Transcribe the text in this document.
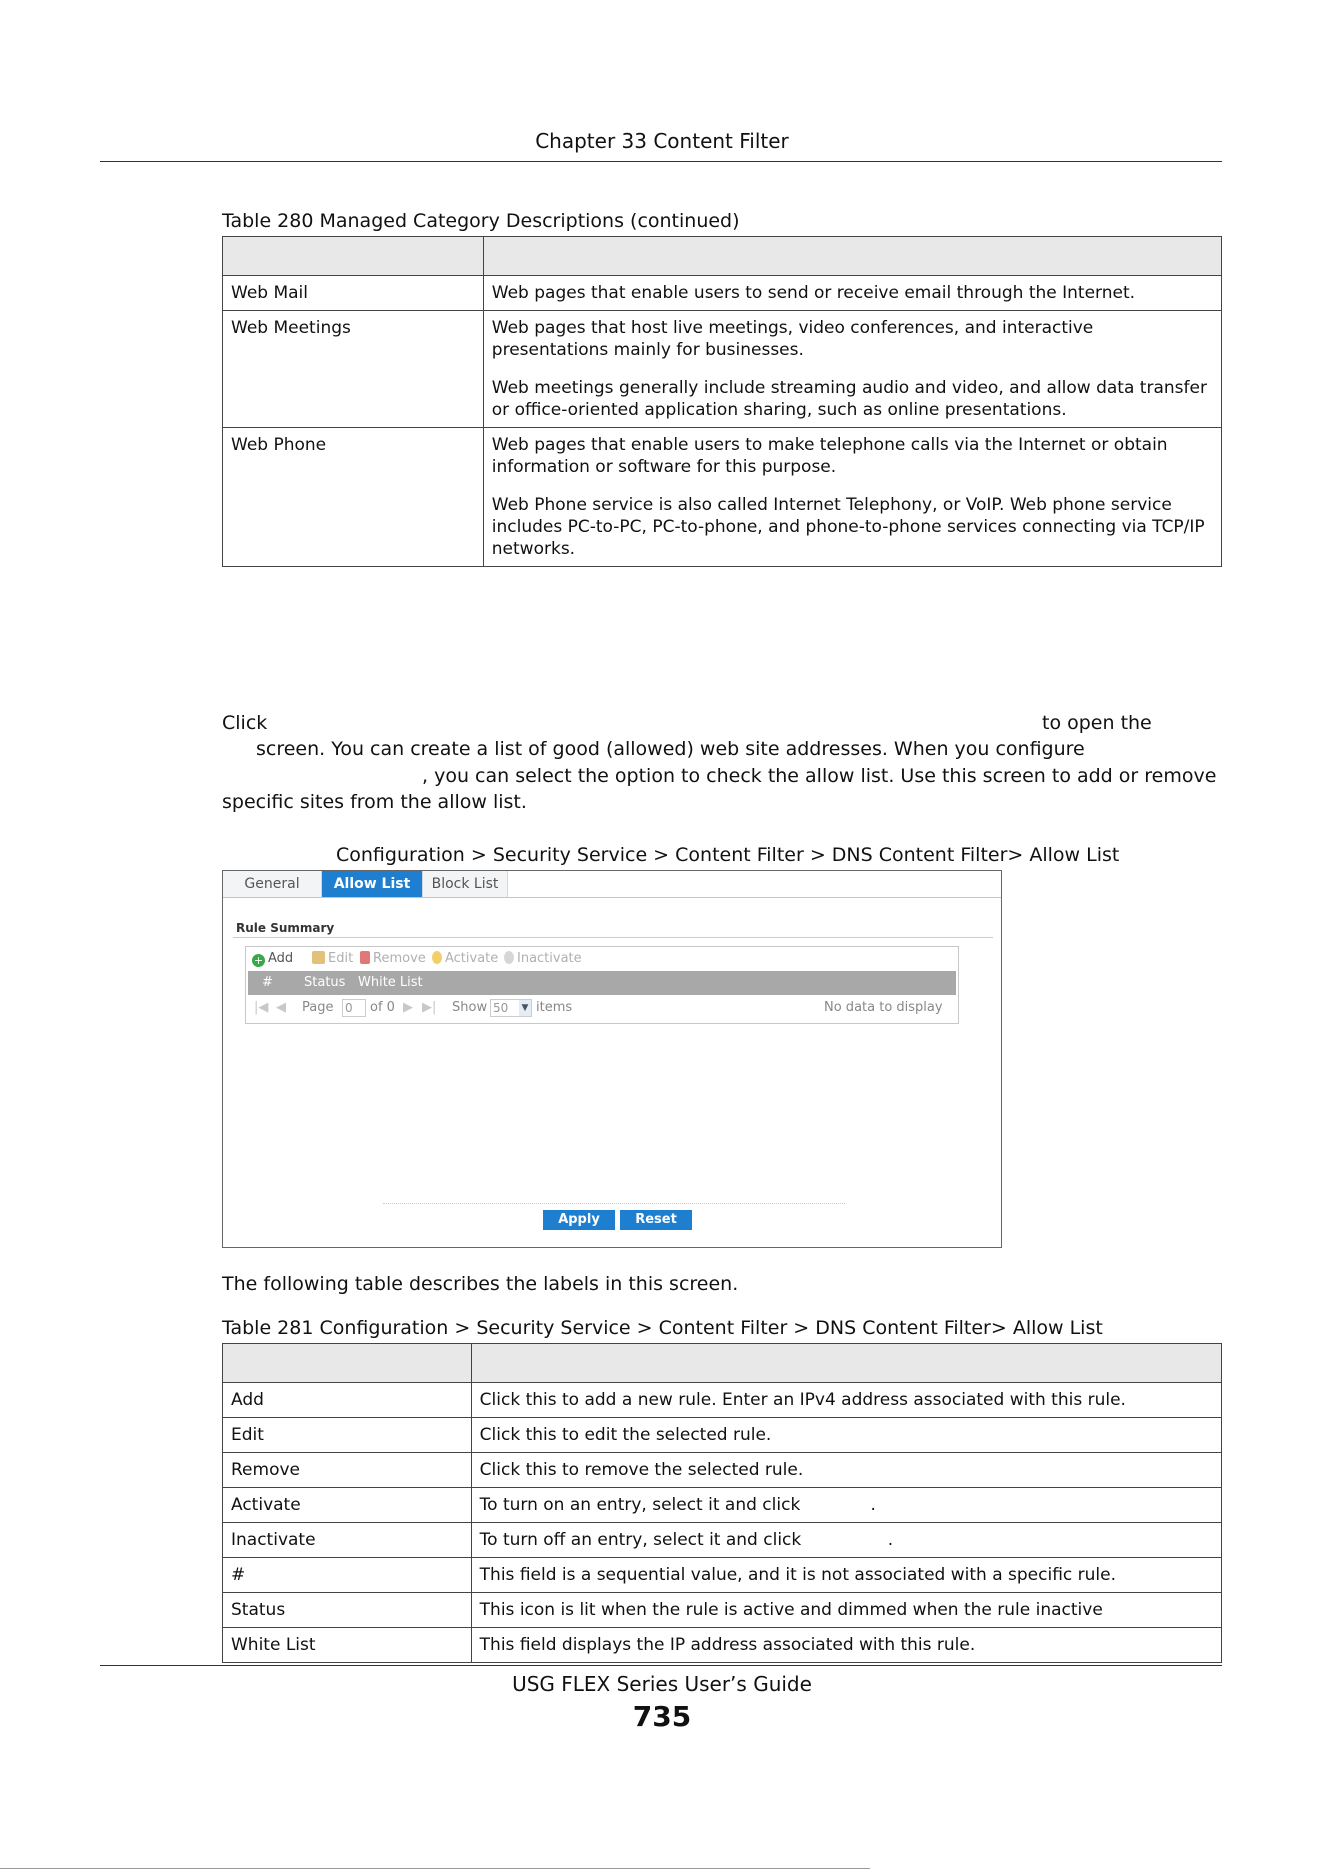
Chapter 33 Content Filter
Table 280 Managed Category Descriptions (continued)

Web Mail	Web pages that enable users to send or receive email through the Internet.

Web Meetings	Web pages that host live meetings, video conferences, and interactive presentations mainly for businesses.

Web meetings generally include streaming audio and video, and allow data transfer or office-oriented application sharing, such as online presentations.

Web Phone	Web pages that enable users to make telephone calls via the Internet or obtain information or software for this purpose.

Web Phone service is also called Internet Telephony, or VoIP. Web phone service includes PC-to-PC, PC-to-phone, and phone-to-phone services connecting via TCP/IP networks.

Click	to open the
screen. You can create a list of good (allowed) web site addresses. When you configure
, you can select the option to check the allow list. Use this screen to add or remove
specific sites from the allow list.
Configuration > Security Service > Content Filter > DNS Content Filter> Allow List
General	Allow List	Block List
Rule Summary
+ Add	Edit	Remove	Activate	Inactivate
# Status White List
|◀ ◀ Page 0	of 0 ▶ ▶| Show 50 ▼ items	No data to display
Apply	Reset
The following table describes the labels in this screen.
Table 281 Configuration > Security Service > Content Filter > DNS Content Filter> Allow List

Add	Click this to add a new rule. Enter an IPv4 address associated with this rule.
Edit	Click this to edit the selected rule.
Remove	Click this to remove the selected rule.
Activate	To turn on an entry, select it and click             .
Inactivate	To turn off an entry, select it and click                .
#	This field is a sequential value, and it is not associated with a specific rule.
Status	This icon is lit when the rule is active and dimmed when the rule inactive
White List	This field displays the IP address associated with this rule.
USG FLEX Series User’s Guide
735
